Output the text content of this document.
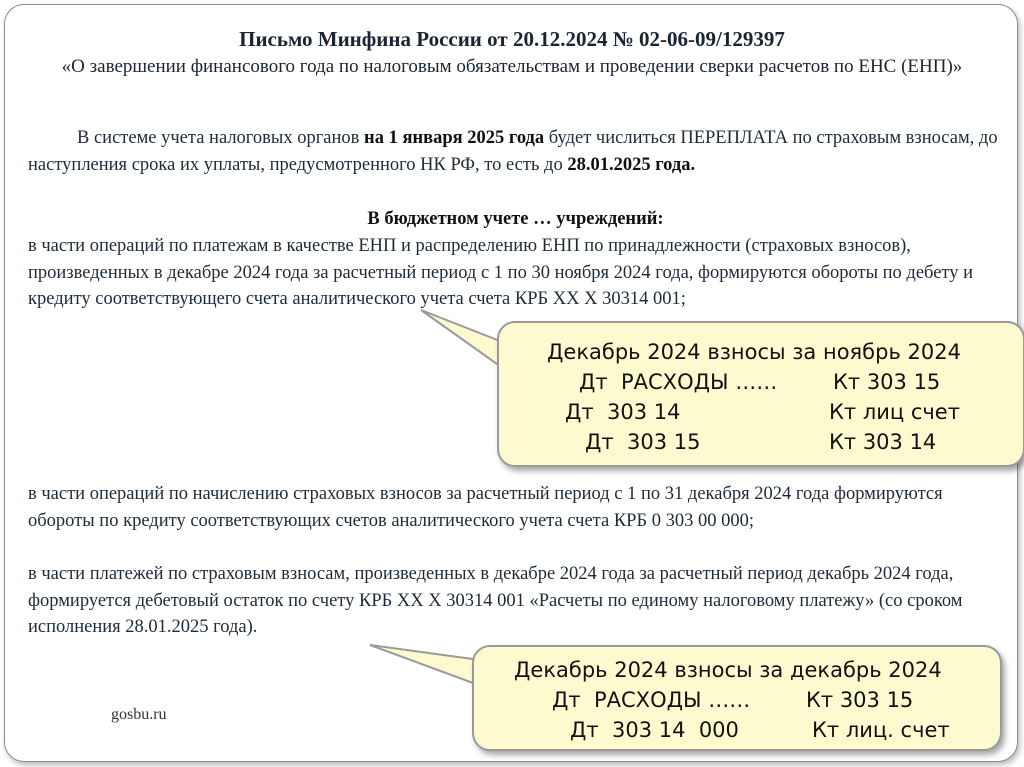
Письмо Минфина России от 20.12.2024 № 02-06-09/129397
«О завершении финансового года по налоговым обязательствам и проведении сверки расчетов по ЕНС (ЕНП)»
В системе учета налоговых органов на 1 января 2025 года будет числиться ПЕРЕПЛАТА по страховым взносам, до наступления срока их уплаты, предусмотренного НК РФ, то есть до 28.01.2025 года.
В бюджетном учете … учреждений:
в части операций по платежам в качестве ЕНП и распределению ЕНП по принадлежности (страховых взносов), произведенных в декабре 2024 года за расчетный период с 1 по 30 ноября 2024 года, формируются обороты по дебету и кредиту соответствующего счета аналитического учета счета КРБ ХХ Х 30314 001;
Декабрь 2024 взносы за ноябрь 2024
Дт  РАСХОДЫ ……	Кт 303 15
Дт  303 14	Кт лиц счет
Дт  303 15	Кт 303 14
в части операций по начислению страховых взносов за расчетный период с 1 по 31 декабря 2024 года формируются обороты по кредиту соответствующих счетов аналитического учета счета КРБ 0 303 00 000;
в части платежей по страховым взносам, произведенных в декабре 2024 года за расчетный период декабрь 2024 года, формируется дебетовый остаток по счету КРБ ХХ Х 30314 001 «Расчеты по единому налоговому платежу» (со сроком исполнения 28.01.2025 года).
Декабрь 2024 взносы за декабрь 2024
Дт  РАСХОДЫ ……	Кт 303 15
Дт  303 14  000	Кт лиц. счет
gosbu.ru
